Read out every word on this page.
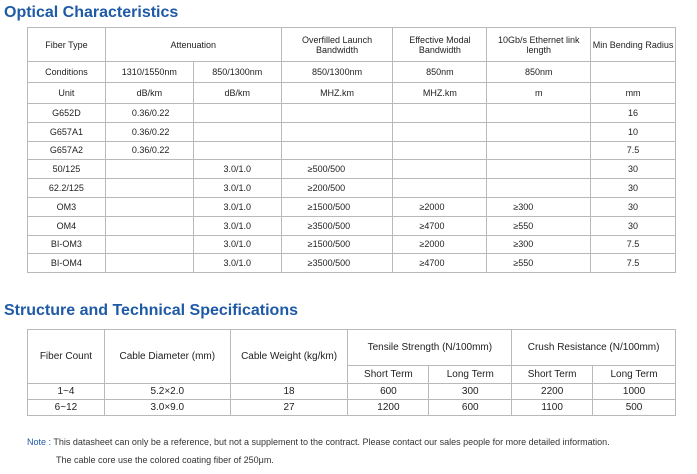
Optical Characteristics
Fiber Type	Attenuation		Overfilled Launch Bandwidth	Effective Modal Bandwidth	10Gb/s Ethernet link length	Min Bending Radius
Conditions	1310/1550nm	850/1300nm	850/1300nm	850nm	850nm	
Unit	dB/km	dB/km	MHZ.km	MHZ.km	m	mm
G652D	0.36/0.22					16
G657A1	0.36/0.22					10
G657A2	0.36/0.22					7.5
50/125		3.0/1.0	≥500/500			30
62.2/125		3.0/1.0	≥200/500			30
OM3		3.0/1.0	≥1500/500	≥2000	≥300	30
OM4		3.0/1.0	≥3500/500	≥4700	≥550	30
BI-OM3		3.0/1.0	≥1500/500	≥2000	≥300	7.5
BI-OM4		3.0/1.0	≥3500/500	≥4700	≥550	7.5
Structure and Technical Specifications
Fiber Count	Cable Diameter (mm)	Cable Weight (kg/km)	Tensile Strength (N/100mm)		Crush Resistance (N/100mm)	
			Short Term	Long Term	Short Term	Long Term
1~4	5.2×2.0	18	600	300	2200	1000
6~12	3.0×9.0	27	1200	600	1100	500
Note : This datasheet can only be a reference, but not a supplement to the contract. Please contact our sales people for more detailed information.
The cable core use the colored coating fiber of 250μm.
